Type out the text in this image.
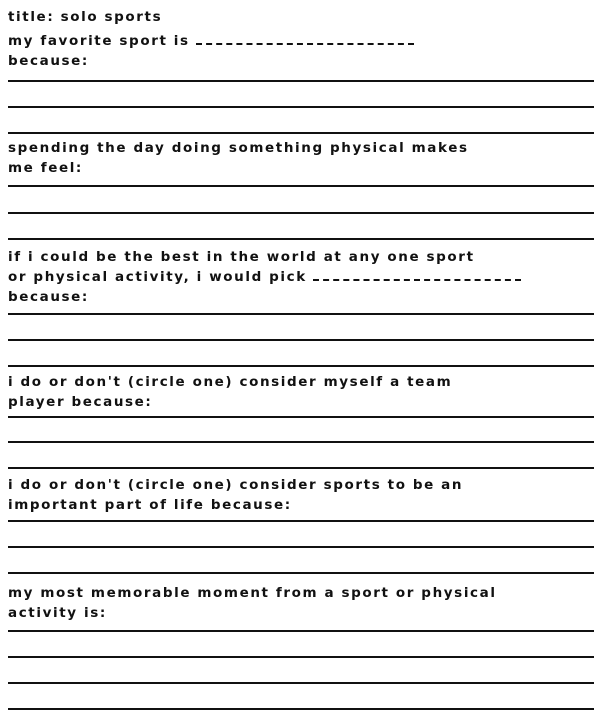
title: solo sports
my favorite sport is
because:
spending the day doing something physical makes
me feel:
if i could be the best in the world at any one sport
or physical activity, i would pick
because:
i do or don't (circle one) consider myself a team
player because:
i do or don't (circle one) consider sports to be an
important part of life because:
my most memorable moment from a sport or physical
activity is:
